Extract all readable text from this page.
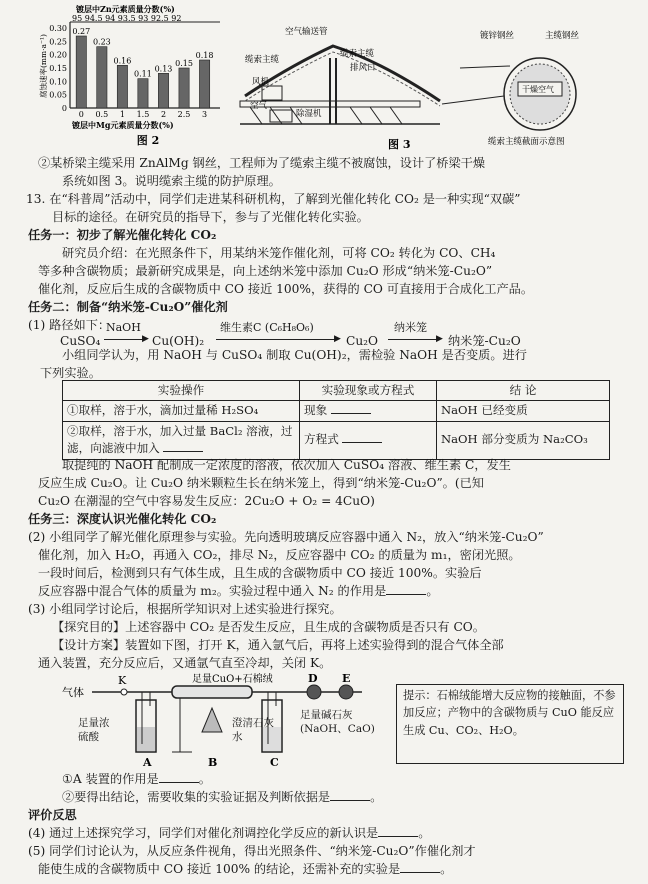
0.30
0.25
0.20
0.15
0.10
0.05
0
0.27
0
0.23
0.5
0.16
1
0.11
1.5
0.13
2
0.15
2.5
0.18
3
镀层中Zn元素质量分数(%)
95 94.5 94 93.5 93 92.5 92
腐蚀速率(mm·a⁻¹)
镀层中Mg元素质量分数(%)
图 2
干燥空气
空气输送管
缆索主缆
缆索主缆
排风口
风机
空气
除湿机
镀锌钢丝	主缆钢丝
缆索主缆截面示意图
图 3
②某桥梁主缆采用 ZnAlMg 钢丝，工程师为了缆索主缆不被腐蚀，设计了桥梁干燥
系统如图 3。说明缆索主缆的防护原理。
13. 在“科普周”活动中，同学们走进某科研机构，了解到光催化转化 CO₂ 是一种实现“双碳”
目标的途径。在研究员的指导下，参与了光催化转化实验。
任务一：初步了解光催化转化 CO₂
研究员介绍：在光照条件下，用某纳米笼作催化剂，可将 CO₂ 转化为 CO、CH₄
等多种含碳物质；最新研究成果是，向上述纳米笼中添加 Cu₂O 形成“纳米笼-Cu₂O”
催化剂，反应后生成的含碳物质中 CO 接近 100%，获得的 CO 可直接用于合成化工产品。
任务二：制备“纳米笼-Cu₂O”催化剂
(1) 路径如下：
CuSO₄
NaOH
▶ Cu(OH)₂
维生素C (C₆H₈O₆)
▶ Cu₂O
纳米笼
▶ 纳米笼-Cu₂O
小组同学认为，用 NaOH 与 CuSO₄ 制取 Cu(OH)₂，需检验 NaOH 是否变质。进行
下列实验。
实验操作	实验现象或方程式	结 论
①取样，溶于水，滴加过量稀 H₂SO₄	现象	NaOH 已经变质
②取样，溶于水，加入过量 BaCl₂ 溶液，过滤，向滤液中加入	方程式	NaOH 部分变质为 Na₂CO₃
取提纯的 NaOH 配制成一定浓度的溶液，依次加入 CuSO₄ 溶液、维生素 C，发生
反应生成 Cu₂O。让 Cu₂O 纳米颗粒生长在纳米笼上，得到“纳米笼-Cu₂O”。(已知
Cu₂O 在潮湿的空气中容易发生反应：2Cu₂O + O₂ = 4CuO)
任务三：深度认识光催化转化 CO₂
(2) 小组同学了解光催化原理参与实验。先向透明玻璃反应容器中通入 N₂，放入“纳米笼-Cu₂O”
催化剂，加入 H₂O，再通入 CO₂，排尽 N₂，反应容器中 CO₂ 的质量为 m₁，密闭光照。
一段时间后，检测到只有气体生成，且生成的含碳物质中 CO 接近 100%。实验后
反应容器中混合气体的质量为 m₂。实验过程中通入 N₂ 的作用是	。
(3) 小组同学讨论后，根据所学知识对上述实验进行探究。
【探究目的】上述容器中 CO₂ 是否发生反应，且生成的含碳物质是否只有 CO。
【设计方案】装置如下图，打开 K，通入氩气后，再将上述实验得到的混合气体全部
通入装置，充分反应后，又通氩气直至冷却，关闭 K。
气体
K
A
足量CuO+石棉绒
B	C
D E
足量浓硫酸
澄清石灰水
足量碱石灰(NaOH、CaO)
提示：石棉绒能增大反应物的接触面，不参加反应；产物中的含碳物质与 CuO 能反应生成 Cu、CO₂、H₂O。
①A 装置的作用是	。
②要得出结论，需要收集的实验证据及判断依据是	。
评价反思
(4) 通过上述探究学习，同学们对催化剂调控化学反应的新认识是	。
(5) 同学们讨论认为，从反应条件视角，得出光照条件、“纳米笼-Cu₂O”作催化剂才
能使生成的含碳物质中 CO 接近 100% 的结论，还需补充的实验是	。
